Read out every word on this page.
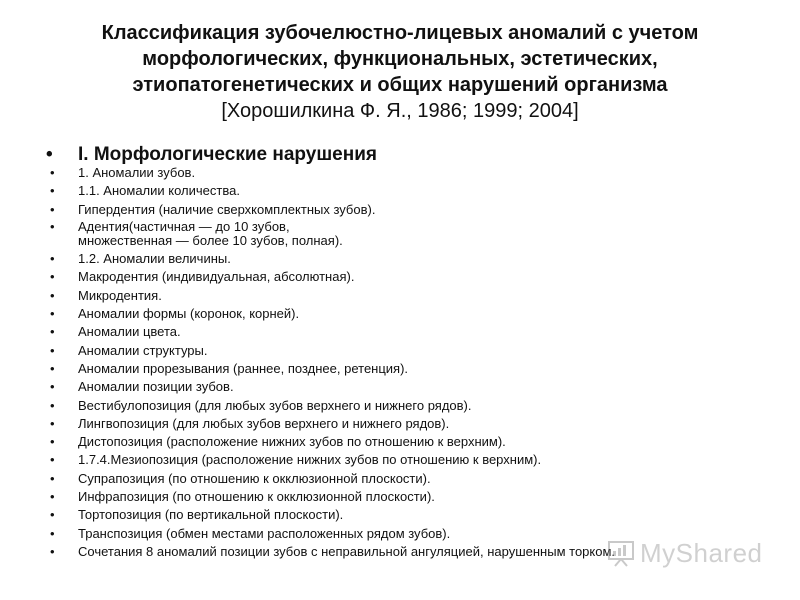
Классификация зубочелюстно-лицевых аномалий с учетом
морфологических, функциональных, эстетических,
этиопатогенетических и общих нарушений организма
[Хорошилкина Ф. Я., 1986; 1999; 2004]
• I. Морфологические нарушения
• 1. Аномалии зубов.
• 1.1. Аномалии количества.
• Гипердентия (наличие сверхкомплектных зубов).
• Адентия(частичная — до 10 зубов,
множественная — более 10 зубов, полная).
• 1.2. Аномалии величины.
• Макродентия (индивидуальная, абсолютная).
• Микродентия.
• Аномалии формы (коронок, корней).
• Аномалии цвета.
• Аномалии структуры.
• Аномалии прорезывания (раннее, позднее, ретенция).
• Аномалии позиции зубов.
• Вестибулопозиция (для любых зубов верхнего и нижнего рядов).
• Лингвопозиция (для любых зубов верхнего и нижнего рядов).
• Дистопозиция (расположение нижних зубов по отношению к верхним).
• 1.7.4.Мезиопозиция (расположение нижних зубов по отношению к верхним).
• Супрапозиция (по отношению к окклюзионной плоскости).
• Инфрапозиция (по отношению к окклюзионной плоскости).
• Тортопозиция (по вертикальной плоскости).
• Транспозиция (обмен местами расположенных рядом зубов).
• Сочетания 8 аномалий позиции зубов с неправильной ангуляцией, нарушенным торком. MyShared
